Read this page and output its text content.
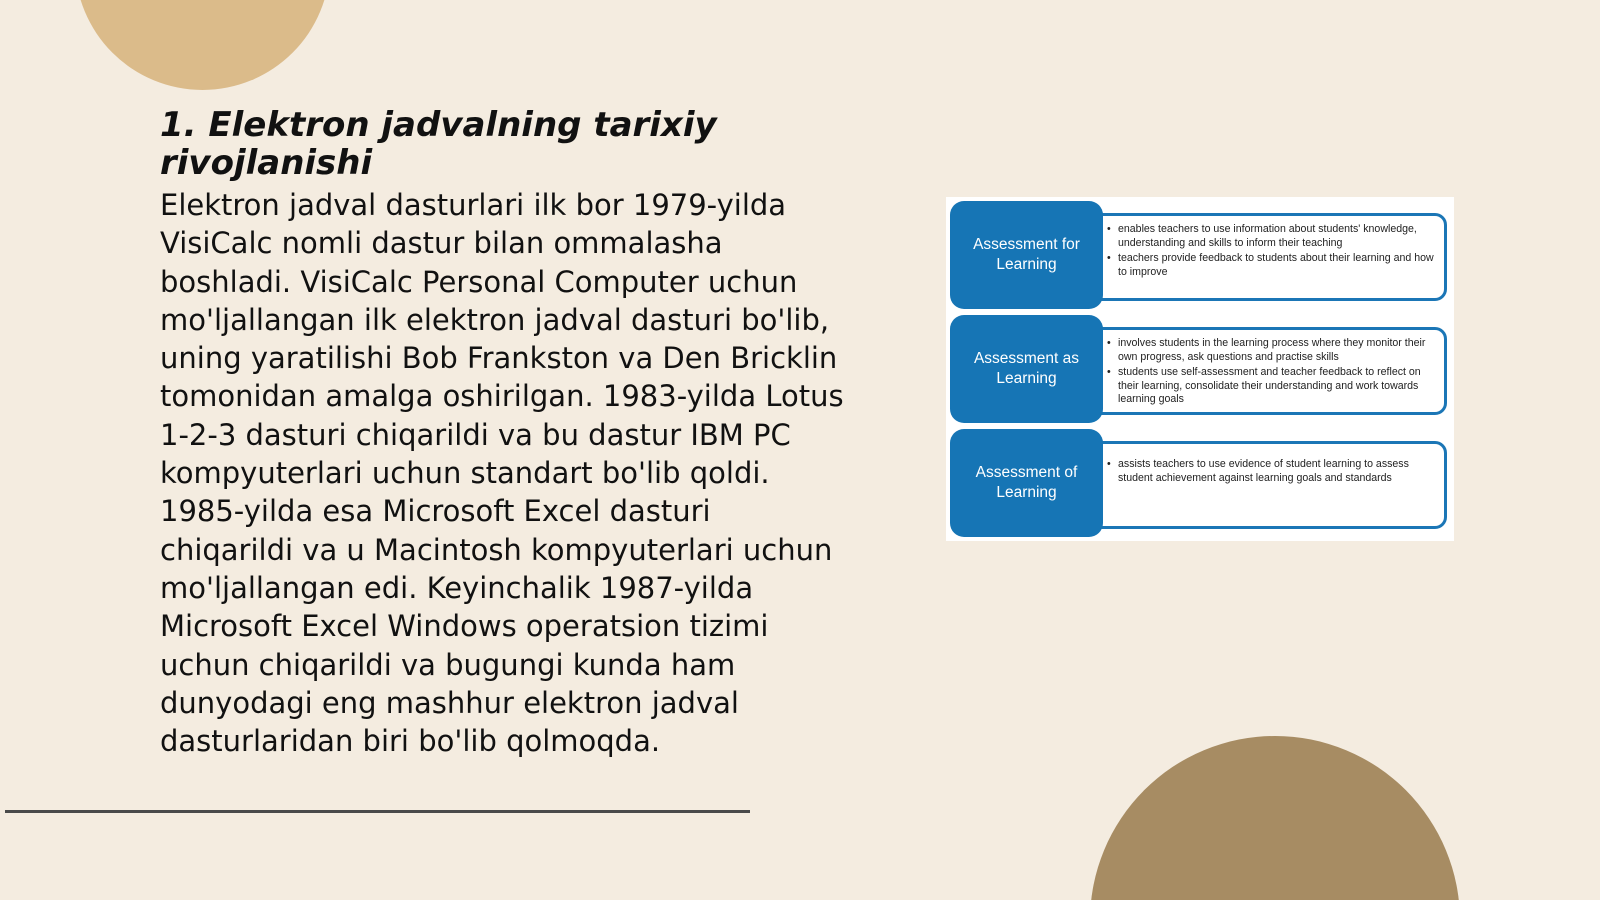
1. Elektron jadvalning tarixiy rivojlanishi
Elektron jadval dasturlari ilk bor 1979-yilda VisiCalc nomli dastur bilan ommalasha boshladi. VisiCalc Personal Computer uchun mo'ljallangan ilk elektron jadval dasturi bo'lib, uning yaratilishi Bob Frankston va Den Bricklin tomonidan amalga oshirilgan. 1983-yilda Lotus 1-2-3 dasturi chiqarildi va bu dastur IBM PC kompyuterlari uchun standart bo'lib qoldi. 1985-yilda esa Microsoft Excel dasturi chiqarildi va u Macintosh kompyuterlari uchun mo'ljallangan edi. Keyinchalik 1987-yilda Microsoft Excel Windows operatsion tizimi uchun chiqarildi va bugungi kunda ham dunyodagi eng mashhur elektron jadval dasturlaridan biri bo'lib qolmoqda.
• enables teachers to use information about students' knowledge, understanding and skills to inform their teaching
• teachers provide feedback to students about their learning and how to improve
Assessment for Learning
• involves students in the learning process where they monitor their own progress, ask questions and practise skills
• students use self-assessment and teacher feedback to reflect on their learning, consolidate their understanding and work towards learning goals
Assessment as Learning
• assists teachers to use evidence of student learning to assess student achievement against learning goals and standards
Assessment of Learning
